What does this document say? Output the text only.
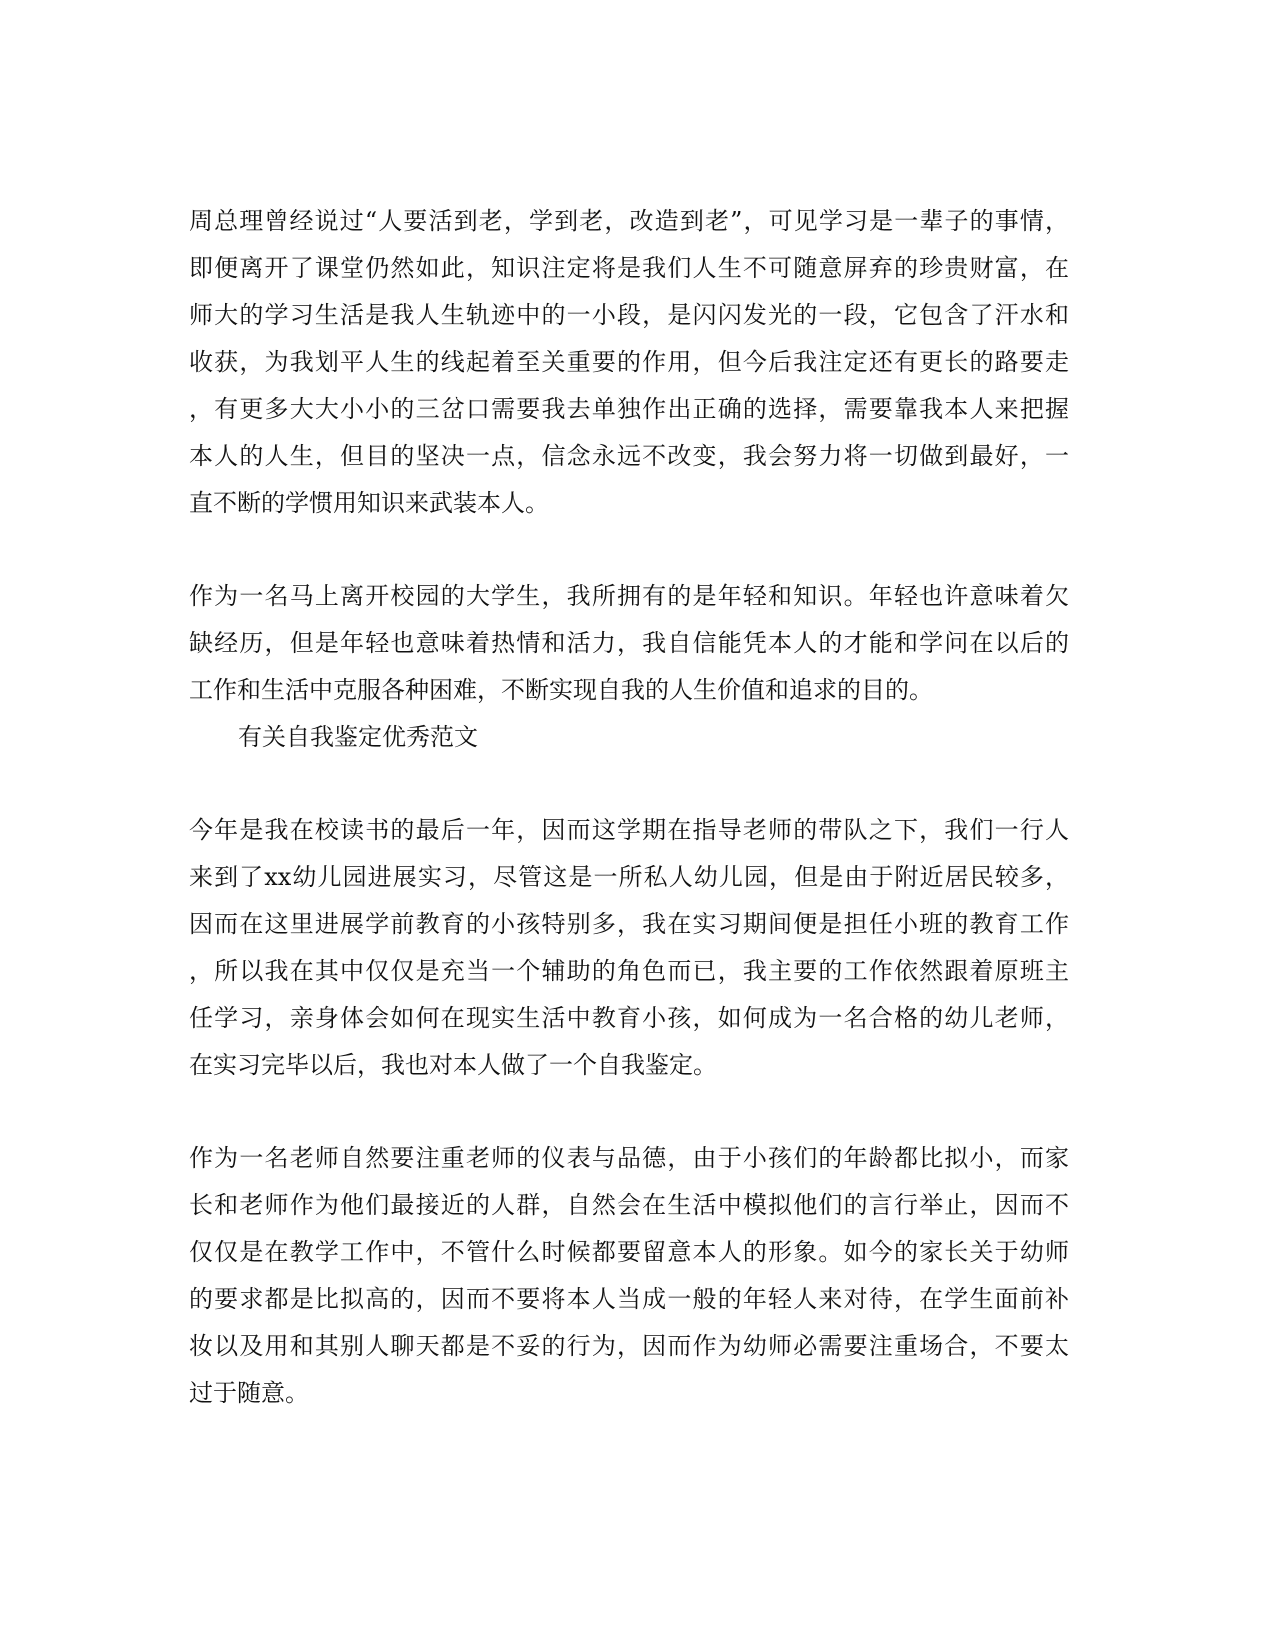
周总理曾经说过“人要活到老，学到老，改造到老”，可见学习是一辈子的事情，
即便离开了课堂仍然如此，知识注定将是我们人生不可随意屏弃的珍贵财富，在
师大的学习生活是我人生轨迹中的一小段，是闪闪发光的一段，它包含了汗水和
收获，为我划平人生的线起着至关重要的作用，但今后我注定还有更长的路要走
，有更多大大小小的三岔口需要我去单独作出正确的选择，需要靠我本人来把握
本人的人生，但目的坚决一点，信念永远不改变，我会努力将一切做到最好，一
直不断的学惯用知识来武装本人。
作为一名马上离开校园的大学生，我所拥有的是年轻和知识。年轻也许意味着欠
缺经历，但是年轻也意味着热情和活力，我自信能凭本人的才能和学问在以后的
工作和生活中克服各种困难，不断实现自我的人生价值和追求的目的。
有关自我鉴定优秀范文
今年是我在校读书的最后一年，因而这学期在指导老师的带队之下，我们一行人
来到了xx幼儿园进展实习，尽管这是一所私人幼儿园，但是由于附近居民较多，
因而在这里进展学前教育的小孩特别多，我在实习期间便是担任小班的教育工作
，所以我在其中仅仅是充当一个辅助的角色而已，我主要的工作依然跟着原班主
任学习，亲身体会如何在现实生活中教育小孩，如何成为一名合格的幼儿老师，
在实习完毕以后，我也对本人做了一个自我鉴定。
作为一名老师自然要注重老师的仪表与品德，由于小孩们的年龄都比拟小，而家
长和老师作为他们最接近的人群，自然会在生活中模拟他们的言行举止，因而不
仅仅是在教学工作中，不管什么时候都要留意本人的形象。如今的家长关于幼师
的要求都是比拟高的，因而不要将本人当成一般的年轻人来对待，在学生面前补
妆以及用和其别人聊天都是不妥的行为，因而作为幼师必需要注重场合，不要太
过于随意。
